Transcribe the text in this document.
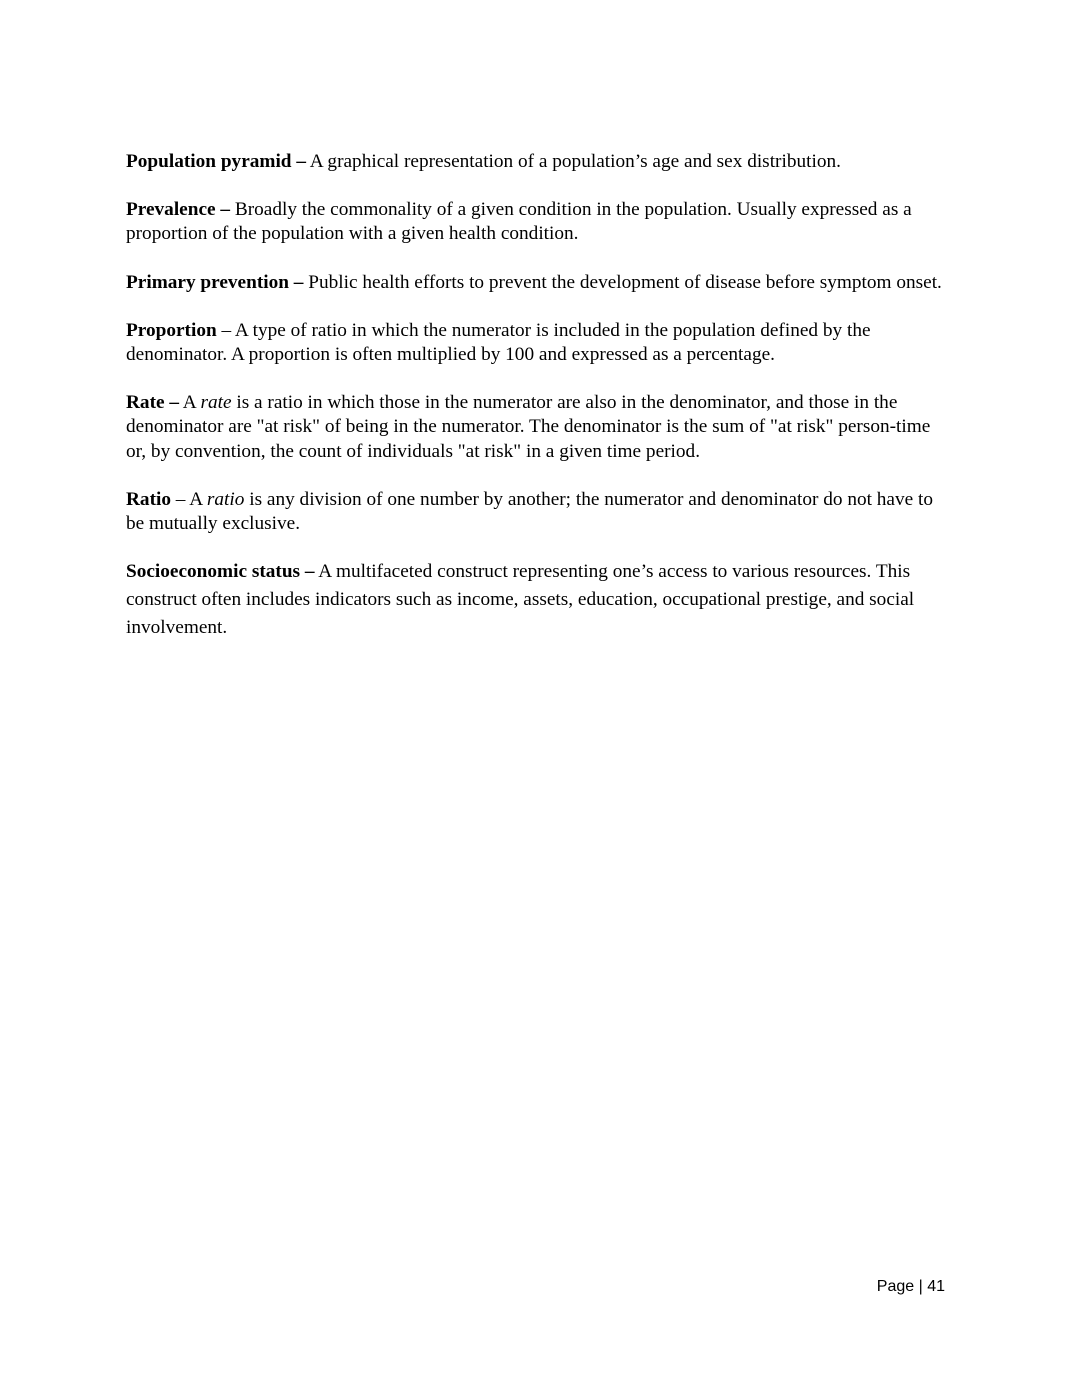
Population pyramid – A graphical representation of a population’s age and sex distribution.

Prevalence – Broadly the commonality of a given condition in the population. Usually expressed as a proportion of the population with a given health condition.

Primary prevention – Public health efforts to prevent the development of disease before symptom onset.

Proportion – A type of ratio in which the numerator is included in the population defined by the denominator. A proportion is often multiplied by 100 and expressed as a percentage.

Rate – A rate is a ratio in which those in the numerator are also in the denominator, and those in the denominator are "at risk" of being in the numerator. The denominator is the sum of "at risk" person-time or, by convention, the count of individuals "at risk" in a given time period.

Ratio – A ratio is any division of one number by another; the numerator and denominator do not have to be mutually exclusive.

Socioeconomic status – A multifaceted construct representing one’s access to various resources. This construct often includes indicators such as income, assets, education, occupational prestige, and social involvement.

Page | 41
